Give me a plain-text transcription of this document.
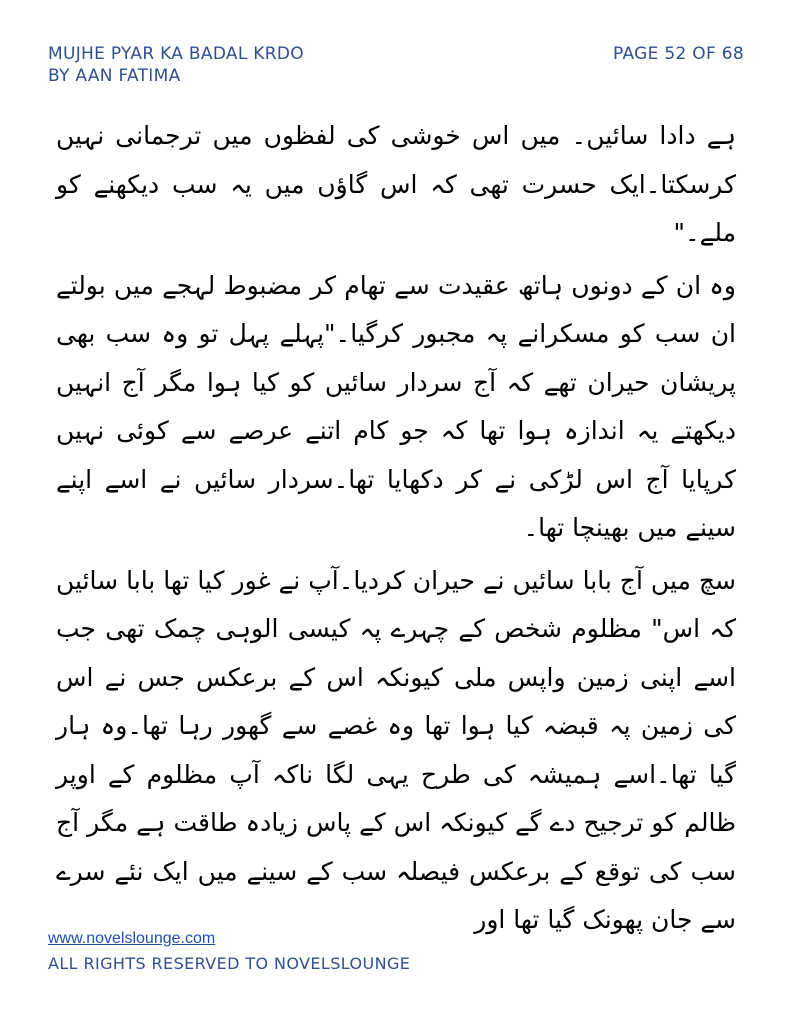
MUJHE PYAR KA BADAL KRDO
BY AAN FATIMA
PAGE 52 OF 68

ہے دادا سائیں۔ میں اس خوشی کی لفظوں میں ترجمانی نہیں کرسکتا۔ایک حسرت تھی کہ اس گاؤں میں یہ سب دیکھنے کو ملے۔"

وہ ان کے دونوں ہاتھ عقیدت سے تھام کر مضبوط لہجے میں بولتے ان سب کو مسکرانے پہ مجبور کرگیا۔"پہلے پہل تو وہ سب بھی پریشان حیران تھے کہ آج سردار سائیں کو کیا ہوا مگر آج انہیں دیکھتے یہ اندازہ ہوا تھا کہ جو کام اتنے عرصے سے کوئی نہیں کرپایا آج اس لڑکی نے کر دکھایا تھا۔سردار سائیں نے اسے اپنے سینے میں بھینچا تھا۔

سچ میں آج بابا سائیں نے حیران کردیا۔آپ نے غور کیا تھا بابا سائیں کہ اس" مظلوم شخص کے چہرے پہ کیسی الوہی چمک تھی جب اسے اپنی زمین واپس ملی کیونکہ اس کے برعکس جس نے اس کی زمین پہ قبضہ کیا ہوا تھا وہ غصے سے گھور رہا تھا۔وہ ہار گیا تھا۔اسے ہمیشہ کی طرح یہی لگا ناکہ آپ مظلوم کے اوپر ظالم کو ترجیح دے گے کیونکہ اس کے پاس زیادہ طاقت ہے مگر آج سب کی توقع کے برعکس فیصلہ سب کے سینے میں ایک نئے سرے سے جان پھونک گیا تھا اور

www.novelslounge.com
ALL RIGHTS RESERVED TO NOVELSLOUNGE
